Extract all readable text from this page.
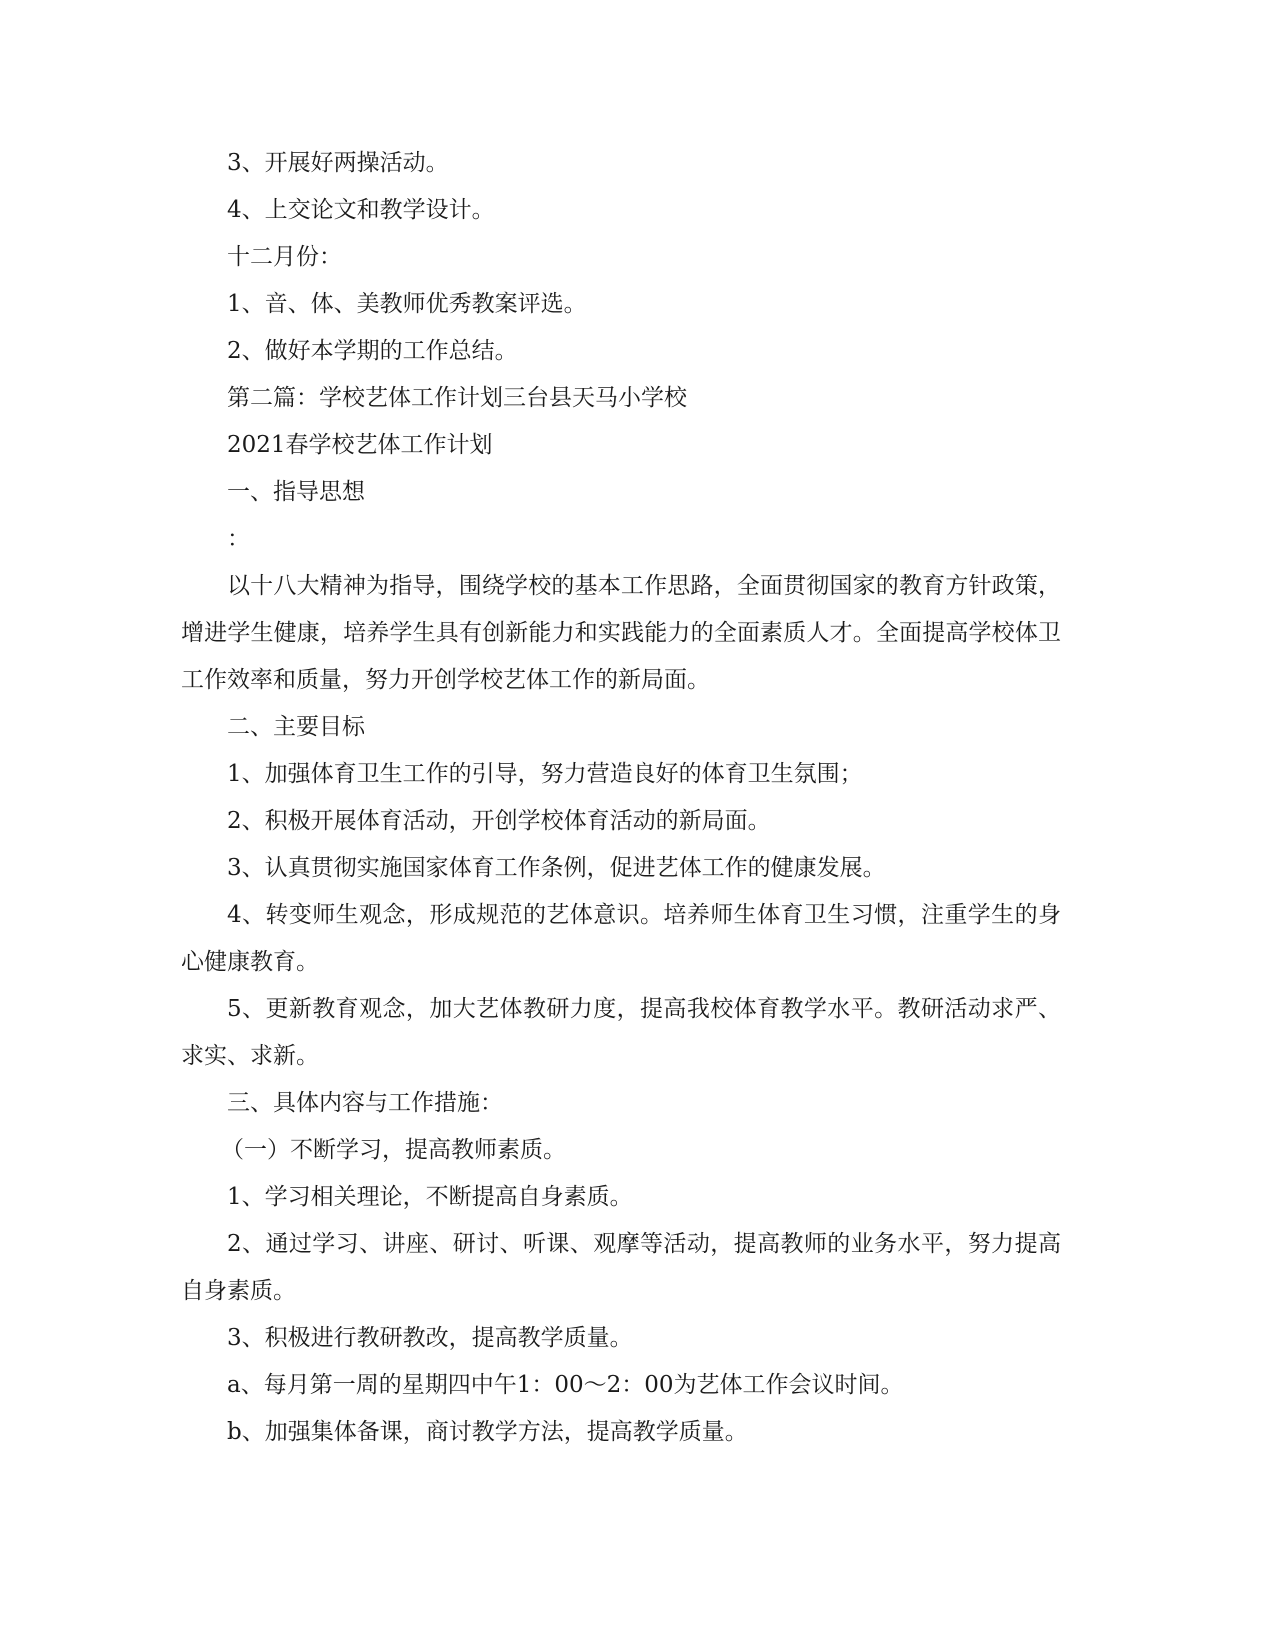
3、开展好两操活动。

4、上交论文和教学设计。

十二月份：

1、音、体、美教师优秀教案评选。

2、做好本学期的工作总结。

第二篇：学校艺体工作计划三台县天马小学校

2021春学校艺体工作计划

一、指导思想

：

以十八大精神为指导，围绕学校的基本工作思路，全面贯彻国家的教育方针政策，增进学生健康，培养学生具有创新能力和实践能力的全面素质人才。全面提高学校体卫工作效率和质量，努力开创学校艺体工作的新局面。

二、主要目标

1、加强体育卫生工作的引导，努力营造良好的体育卫生氛围；

2、积极开展体育活动，开创学校体育活动的新局面。

3、认真贯彻实施国家体育工作条例，促进艺体工作的健康发展。

4、转变师生观念，形成规范的艺体意识。培养师生体育卫生习惯，注重学生的身心健康教育。

5、更新教育观念，加大艺体教研力度，提高我校体育教学水平。教研活动求严、求实、求新。

三、具体内容与工作措施：

（一）不断学习，提高教师素质。

1、学习相关理论，不断提高自身素质。

2、通过学习、讲座、研讨、听课、观摩等活动，提高教师的业务水平，努力提高自身素质。

3、积极进行教研教改，提高教学质量。

a、每月第一周的星期四中午1：00～2：00为艺体工作会议时间。

b、加强集体备课，商讨教学方法，提高教学质量。
